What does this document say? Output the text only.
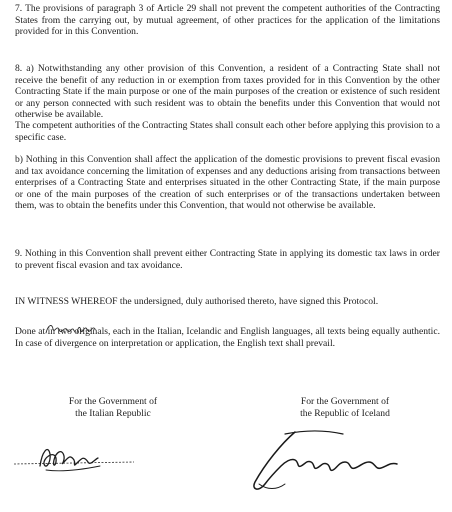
7. The provisions of paragraph 3 of Article 29 shall not prevent the competent authorities of the Contracting States from the carrying out, by mutual agreement, of other practices for the application of the limitations provided for in this Convention.

8. a) Notwithstanding any other provision of this Convention, a resident of a Contracting State shall not receive the benefit of any reduction in or exemption from taxes provided for in this Convention by the other Contracting State if the main purpose or one of the main purposes of the creation or existence of such resident or any person connected with such resident was to obtain the benefits under this Convention that would not otherwise be available.

The competent authorities of the Contracting States shall consult each other before applying this provision to a specific case.

b) Nothing in this Convention shall affect the application of the domestic provisions to prevent fiscal evasion and tax avoidance concerning the limitation of expenses and any deductions arising from transactions between enterprises of a Contracting State and enterprises situated in the other Contracting State, if the main purpose or one of the main purposes of the creation of such enterprises or of the transactions undertaken between them, was to obtain the benefits under this Convention, that would not otherwise be available.

9. Nothing in this Convention shall prevent either Contracting State in applying its domestic tax laws in order to prevent fiscal evasion and tax avoidance.

IN WITNESS WHEREOF the undersigned, duly authorised thereto, have signed this Protocol.

Done at in two originals, each in the Italian, Icelandic and English languages, all texts being equally authentic. In case of divergence on interpretation or application, the English text shall prevail.

For the Government of
the Italian Republic
For the Government of
the Republic of Iceland
